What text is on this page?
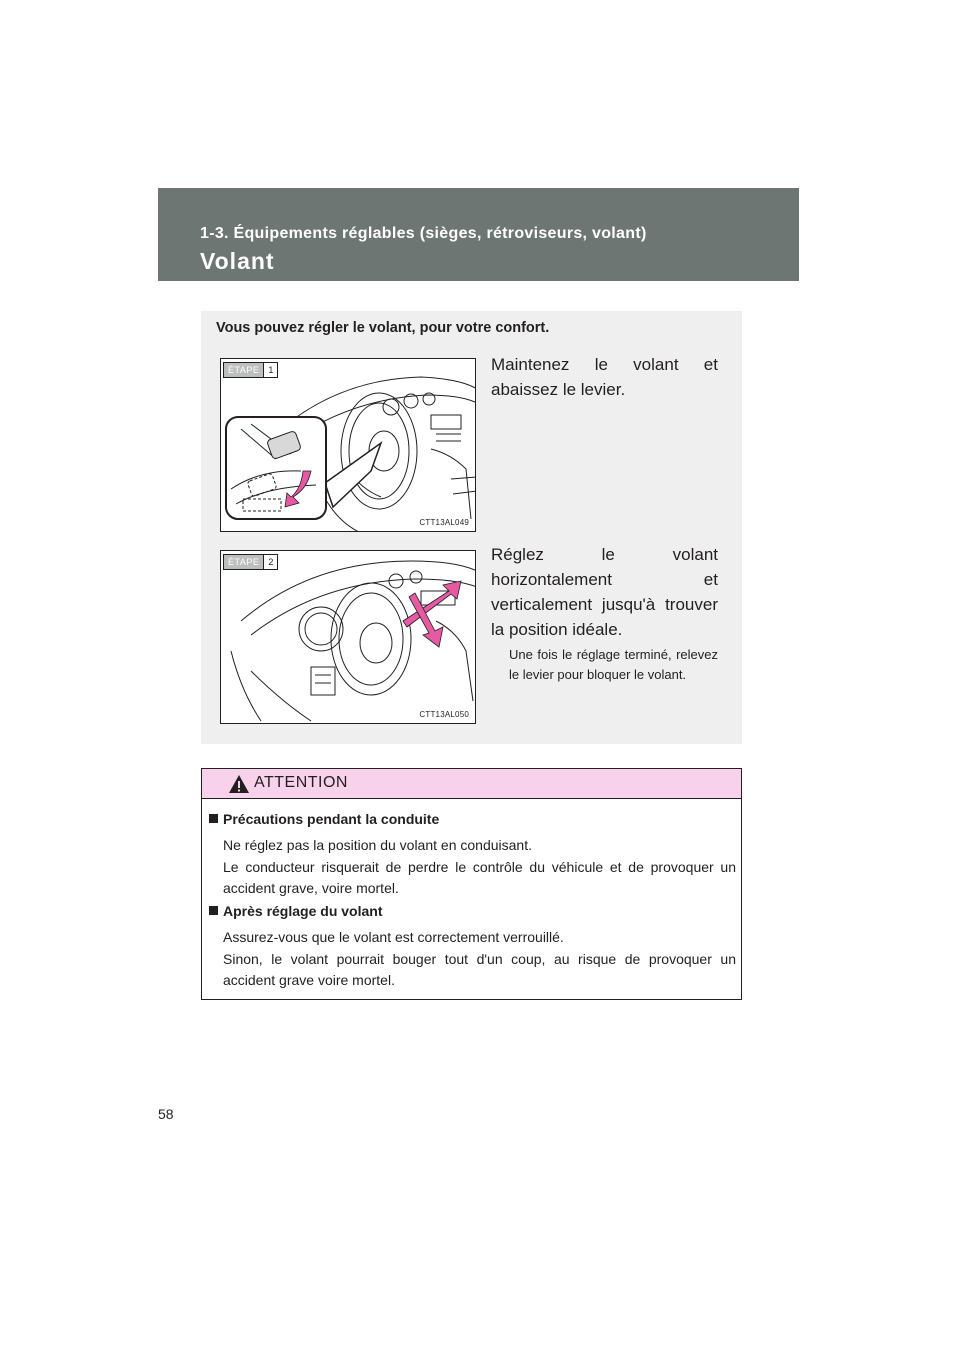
1-3. Équipements réglables (sièges, rétroviseurs, volant)
Volant
Vous pouvez régler le volant, pour votre confort.
ÉTAPE	1
CTT13AL049
Maintenez le volant et abaissez le levier.
ÉTAPE	2
CTT13AL050
Réglez le volant horizontalement et verticalement jusqu'à trouver la position idéale.
Une fois le réglage terminé, relevez le levier pour bloquer le volant.
ATTENTION
Précautions pendant la conduite
Ne réglez pas la position du volant en conduisant.
Le conducteur risquerait de perdre le contrôle du véhicule et de provoquer un accident grave, voire mortel.
Après réglage du volant
Assurez-vous que le volant est correctement verrouillé.
Sinon, le volant pourrait bouger tout d'un coup, au risque de provoquer un accident grave voire mortel.
58
